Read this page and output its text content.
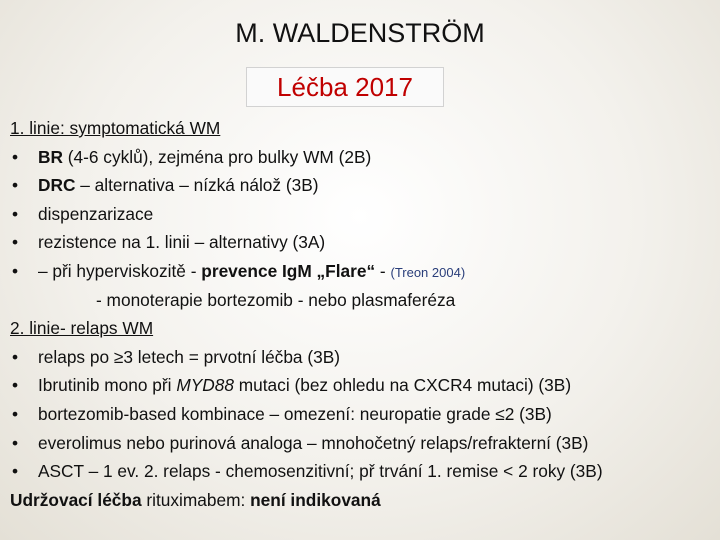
M. WALDENSTRÖM
Léčba 2017
1. linie: symptomatická WM
•	BR (4-6 cyklů), zejména pro bulky WM (2B)
•	DRC – alternativa – nízká nálož (3B)
•	dispenzarizace
•	rezistence na 1. linii – alternativy (3A)
•	– při hyperviskozitě - prevence IgM „Flare“ - (Treon 2004)
- monoterapie bortezomib - nebo plasmaferéza
2. linie- relaps WM
•	relaps po ≥3 letech = prvotní léčba (3B)
•	Ibrutinib mono při MYD88 mutaci (bez ohledu na CXCR4 mutaci) (3B)
•	bortezomib-based kombinace – omezení: neuropatie grade ≤2 (3B)
•	everolimus nebo purinová analoga – mnohočetný relaps/refrakterní (3B)
•	ASCT – 1 ev. 2. relaps - chemosenzitivní; př trvání 1. remise < 2 roky (3B)
Udržovací léčba rituximabem: není indikovaná
